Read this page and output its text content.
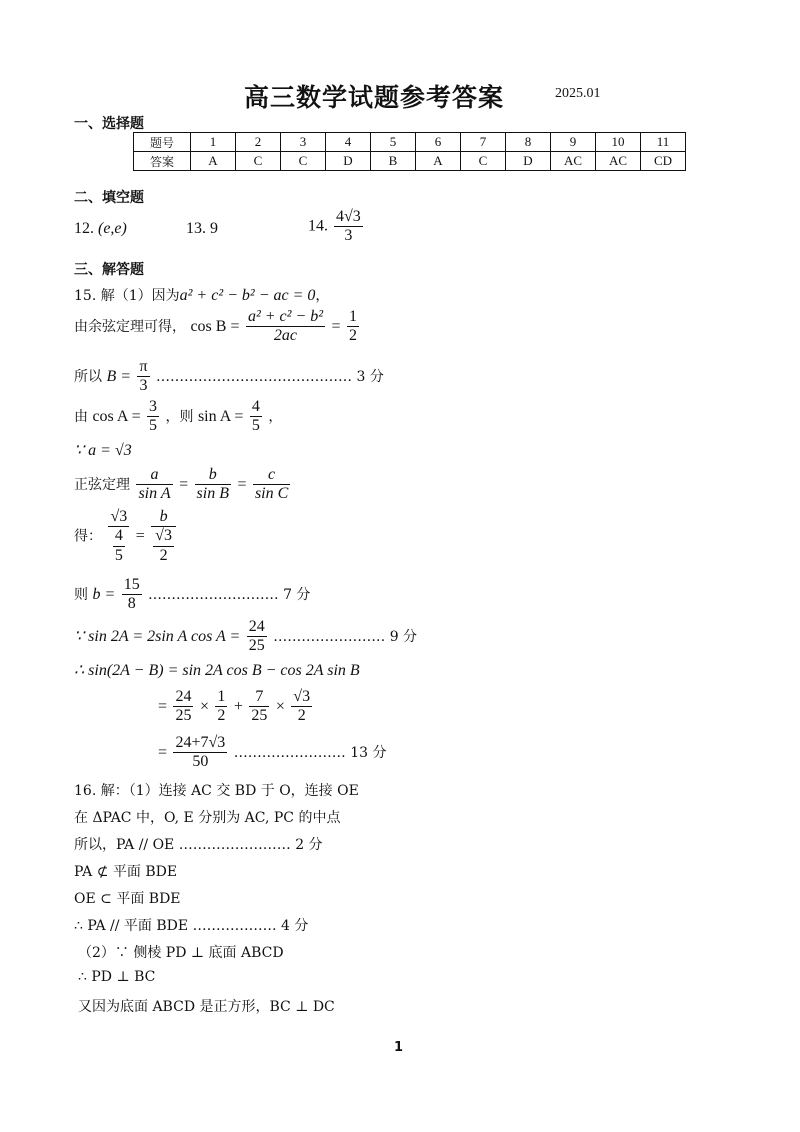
高三数学试题参考答案	2025.01
一、选择题
题号	1	2	3	4	5	6	7	8	9	10	11
答案	A	C	C	D	B	A	C	D	AC	AC	CD
二、填空题
12. (e,e)	13. 9	14. $\frac{4√3}{3}$
三、解答题
15. 解（1）因为a² + c² − b² − ac = 0，
由余弦定理可得， $\cos B = \frac{\text{a² + c² − b²}}{2ac} = \frac{1}{2}$
所以 $B = \frac{\pi}{3}$ …………………………………… 3 分
由 $\cos A = \frac{3}{5}$ ，则 $\sin A = \frac{4}{5}$ ，
∵ a = √3
正弦定理 $\frac{a}{\text{sin A}} = \frac{b}{\text{sin B}} = \frac{c}{\text{sin C}}$
得： $\frac{√3}{\frac{4}{5}} = \frac{b}{\frac{√3}{2}}$
则 $b = \frac{15}{8}$ .……………………… 7 分
∵ sin 2A = 2sin A $\cos A = \frac{24}{25}$ …………………… 9 分
∴ sin(2A − B) = sin 2A cos B − cos 2A sin B
= $\frac{24}{25} \times \frac{1}{2} + \frac{7}{25} \times \frac{√3}{2}$
= $\frac{24+7√3}{50}$ …………………… 13 分
16. 解：（1）连接 AC 交 BD 于 O，连接 OE
在 ΔPAC 中，O, E 分别为 AC, PC 的中点
所以，PA // OE …………………… 2 分
PA ⊄ 平面 BDE
OE ⊂ 平面 BDE
∴ PA // 平面 BDE ……………… 4 分
（2）∵ 侧棱 PD ⊥ 底面 ABCD
∴ PD ⊥ BC
又因为底面 ABCD 是正方形，BC ⊥ DC
1
